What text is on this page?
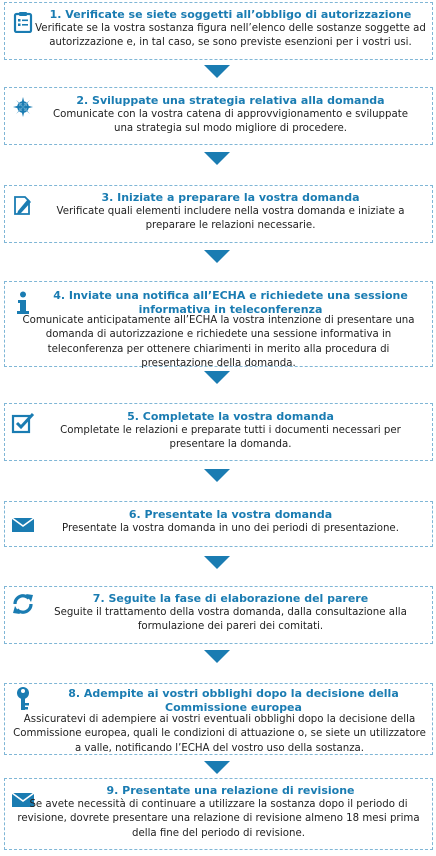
1. Verificate se siete soggetti all’obbligo di autorizzazione
Verificate se la vostra sostanza figura nell’elenco delle sostanze soggette ad autorizzazione e, in tal caso, se sono previste esenzioni per i vostri usi.
2. Sviluppate una strategia relativa alla domanda
Comunicate con la vostra catena di approvvigionamento e sviluppate una strategia sul modo migliore di procedere.
3. Iniziate a preparare la vostra domanda
Verificate quali elementi includere nella vostra domanda e iniziate a preparare le relazioni necessarie.
4. Inviate una notifica all’ECHA e richiedete una sessione informativa in teleconferenza
Comunicate anticipatamente all’ECHA la vostra intenzione di presentare una domanda di autorizzazione e richiedete una sessione informativa in teleconferenza per ottenere chiarimenti in merito alla procedura di presentazione della domanda.
5. Completate la vostra domanda
Completate le relazioni e preparate tutti i documenti necessari per presentare la domanda.
6. Presentate la vostra domanda
Presentate la vostra domanda in uno dei periodi di presentazione.
7. Seguite la fase di elaborazione del parere
Seguite il trattamento della vostra domanda, dalla consultazione alla formulazione dei pareri dei comitati.
8. Adempite ai vostri obblighi dopo la decisione della Commissione europea
Assicuratevi di adempiere ai vostri eventuali obblighi dopo la decisione della Commissione europea, quali le condizioni di attuazione o, se siete un utilizzatore a valle, notificando l’ECHA del vostro uso della sostanza.
9. Presentate una relazione di revisione
Se avete necessità di continuare a utilizzare la sostanza dopo il periodo di revisione, dovrete presentare una relazione di revisione almeno 18 mesi prima della fine del periodo di revisione.
